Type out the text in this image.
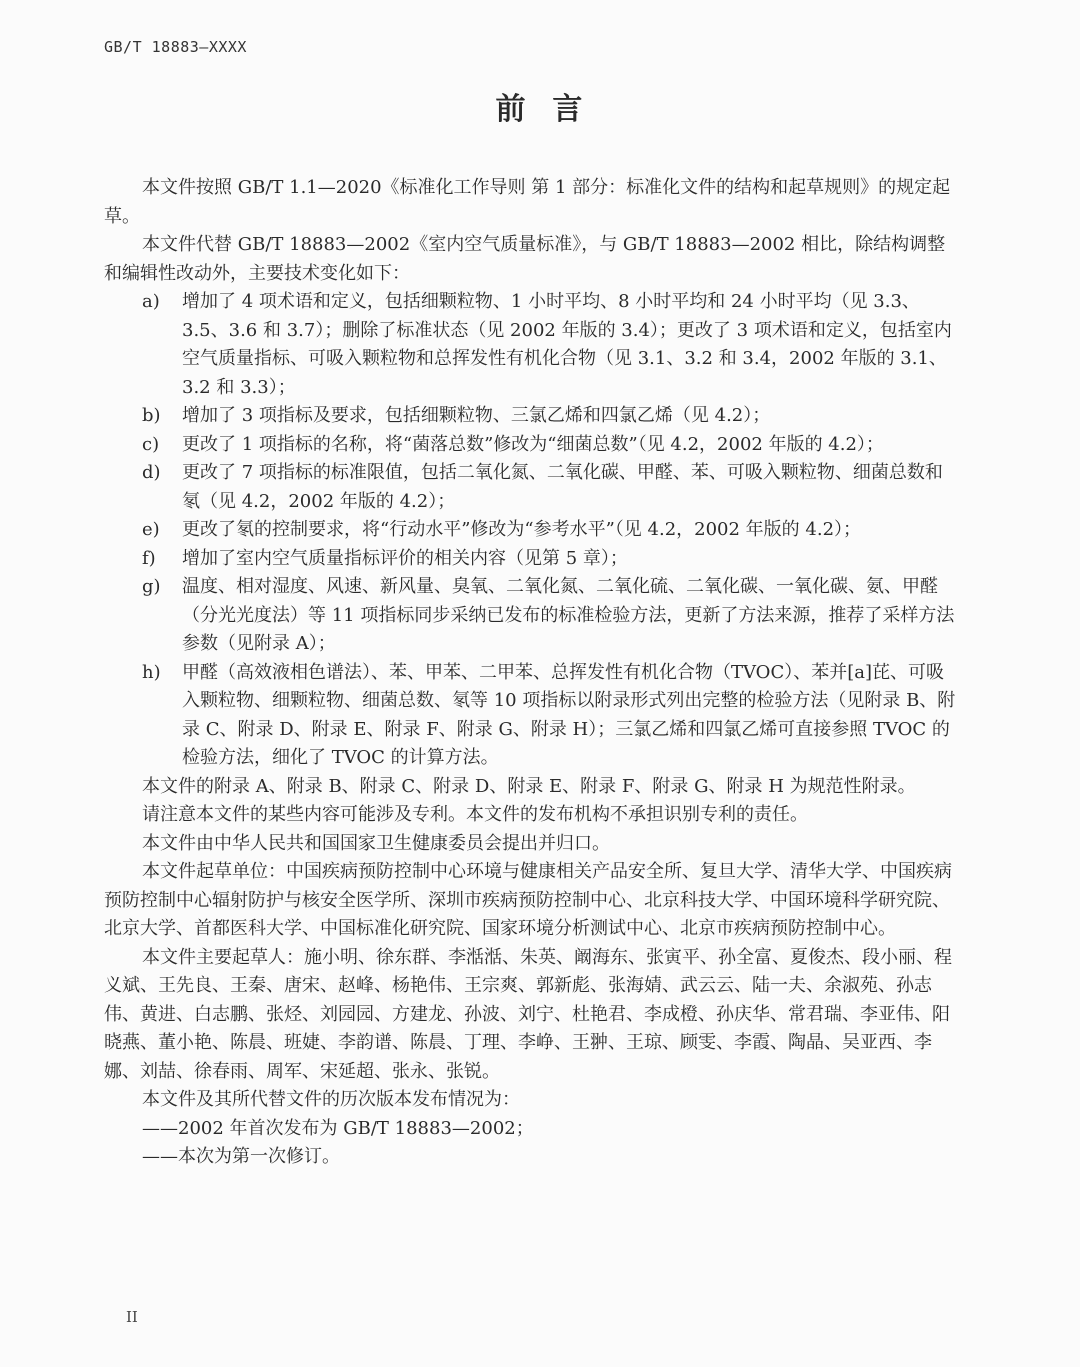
GB/T 18883—XXXX
前  言

本文件按照 GB/T 1.1—2020《标准化工作导则 第 1 部分：标准化文件的结构和起草规则》的规定起草。

本文件代替 GB/T 18883—2002《室内空气质量标准》，与 GB/T 18883—2002 相比，除结构调整和编辑性改动外，主要技术变化如下：

a)	增加了 4 项术语和定义，包括细颗粒物、1 小时平均、8 小时平均和 24 小时平均（见 3.3、3.5、3.6 和 3.7）；删除了标准状态（见 2002 年版的 3.4）；更改了 3 项术语和定义，包括室内空气质量指标、可吸入颗粒物和总挥发性有机化合物（见 3.1、3.2 和 3.4，2002 年版的 3.1、3.2 和 3.3）；
b)	增加了 3 项指标及要求，包括细颗粒物、三氯乙烯和四氯乙烯（见 4.2）；
c)	更改了 1 项指标的名称，将“菌落总数”修改为“细菌总数”（见 4.2，2002 年版的 4.2）；
d)	更改了 7 项指标的标准限值，包括二氧化氮、二氧化碳、甲醛、苯、可吸入颗粒物、细菌总数和氡（见 4.2，2002 年版的 4.2）；
e)	更改了氡的控制要求，将“行动水平”修改为“参考水平”（见 4.2，2002 年版的 4.2）；
f)	增加了室内空气质量指标评价的相关内容（见第 5 章）；
g)	温度、相对湿度、风速、新风量、臭氧、二氧化氮、二氧化硫、二氧化碳、一氧化碳、氨、甲醛（分光光度法）等 11 项指标同步采纳已发布的标准检验方法，更新了方法来源，推荐了采样方法参数（见附录 A）；
h)	甲醛（高效液相色谱法）、苯、甲苯、二甲苯、总挥发性有机化合物（TVOC）、苯并[a]芘、可吸入颗粒物、细颗粒物、细菌总数、氡等 10 项指标以附录形式列出完整的检验方法（见附录 B、附录 C、附录 D、附录 E、附录 F、附录 G、附录 H）；三氯乙烯和四氯乙烯可直接参照 TVOC 的检验方法，细化了 TVOC 的计算方法。

本文件的附录 A、附录 B、附录 C、附录 D、附录 E、附录 F、附录 G、附录 H 为规范性附录。

请注意本文件的某些内容可能涉及专利。本文件的发布机构不承担识别专利的责任。

本文件由中华人民共和国国家卫生健康委员会提出并归口。

本文件起草单位：中国疾病预防控制中心环境与健康相关产品安全所、复旦大学、清华大学、中国疾病预防控制中心辐射防护与核安全医学所、深圳市疾病预防控制中心、北京科技大学、中国环境科学研究院、北京大学、首都医科大学、中国标准化研究院、国家环境分析测试中心、北京市疾病预防控制中心。

本文件主要起草人：施小明、徐东群、李湉湉、朱英、阚海东、张寅平、孙全富、夏俊杰、段小丽、程义斌、王先良、王秦、唐宋、赵峰、杨艳伟、王宗爽、郭新彪、张海婧、武云云、陆一夫、余淑苑、孙志伟、黄进、白志鹏、张烃、刘园园、方建龙、孙波、刘宁、杜艳君、李成橙、孙庆华、常君瑞、李亚伟、阳晓燕、董小艳、陈晨、班婕、李韵谱、陈晨、丁理、李峥、王翀、王琼、顾雯、李霞、陶晶、吴亚西、李娜、刘喆、徐春雨、周军、宋延超、张永、张锐。

本文件及其所代替文件的历次版本发布情况为：

——2002 年首次发布为 GB/T 18883—2002；

——本次为第一次修订。

II
